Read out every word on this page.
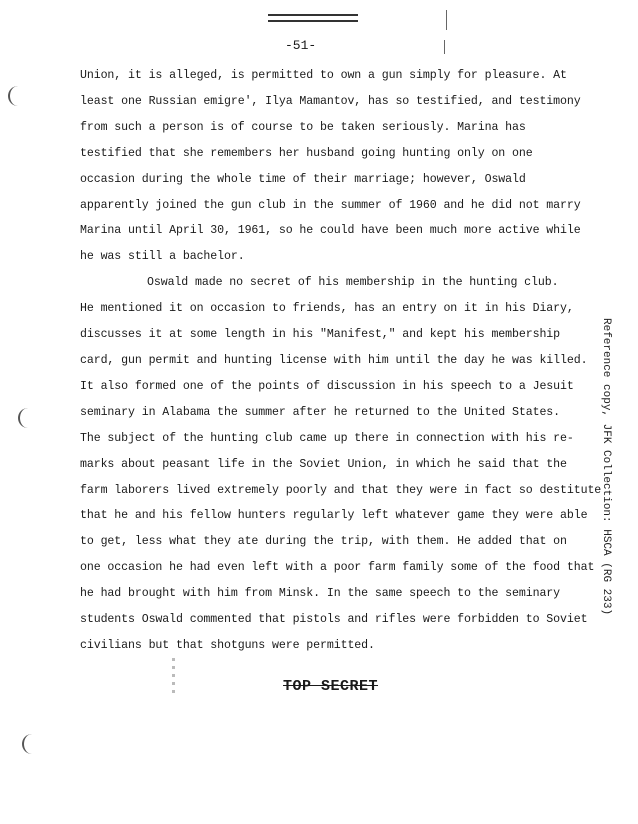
-51-
Union, it is alleged, is permitted to own a gun simply for pleasure. At
least one Russian emigre', Ilya Mamantov, has so testified, and testimony
from such a person is of course to be taken seriously. Marina has
testified that she remembers her husband going hunting only on one
occasion during the whole time of their marriage; however, Oswald
apparently joined the gun club in the summer of 1960 and he did not marry
Marina until April 30, 1961, so he could have been much more active while
he was still a bachelor.
Oswald made no secret of his membership in the hunting club.
He mentioned it on occasion to friends, has an entry on it in his Diary,
discusses it at some length in his "Manifest," and kept his membership
card, gun permit and hunting license with him until the day he was killed.
It also formed one of the points of discussion in his speech to a Jesuit
seminary in Alabama the summer after he returned to the United States.
The subject of the hunting club came up there in connection with his re-
marks about peasant life in the Soviet Union, in which he said that the
farm laborers lived extremely poorly and that they were in fact so destitute
that he and his fellow hunters regularly left whatever game they were able
to get, less what they ate during the trip, with them. He added that on
one occasion he had even left with a poor farm family some of the food that
he had brought with him from Minsk. In the same speech to the seminary
students Oswald commented that pistols and rifles were forbidden to Soviet
civilians but that shotguns were permitted.
TOP SECRET
Reference copy, JFK Collection: HSCA (RG 233)
